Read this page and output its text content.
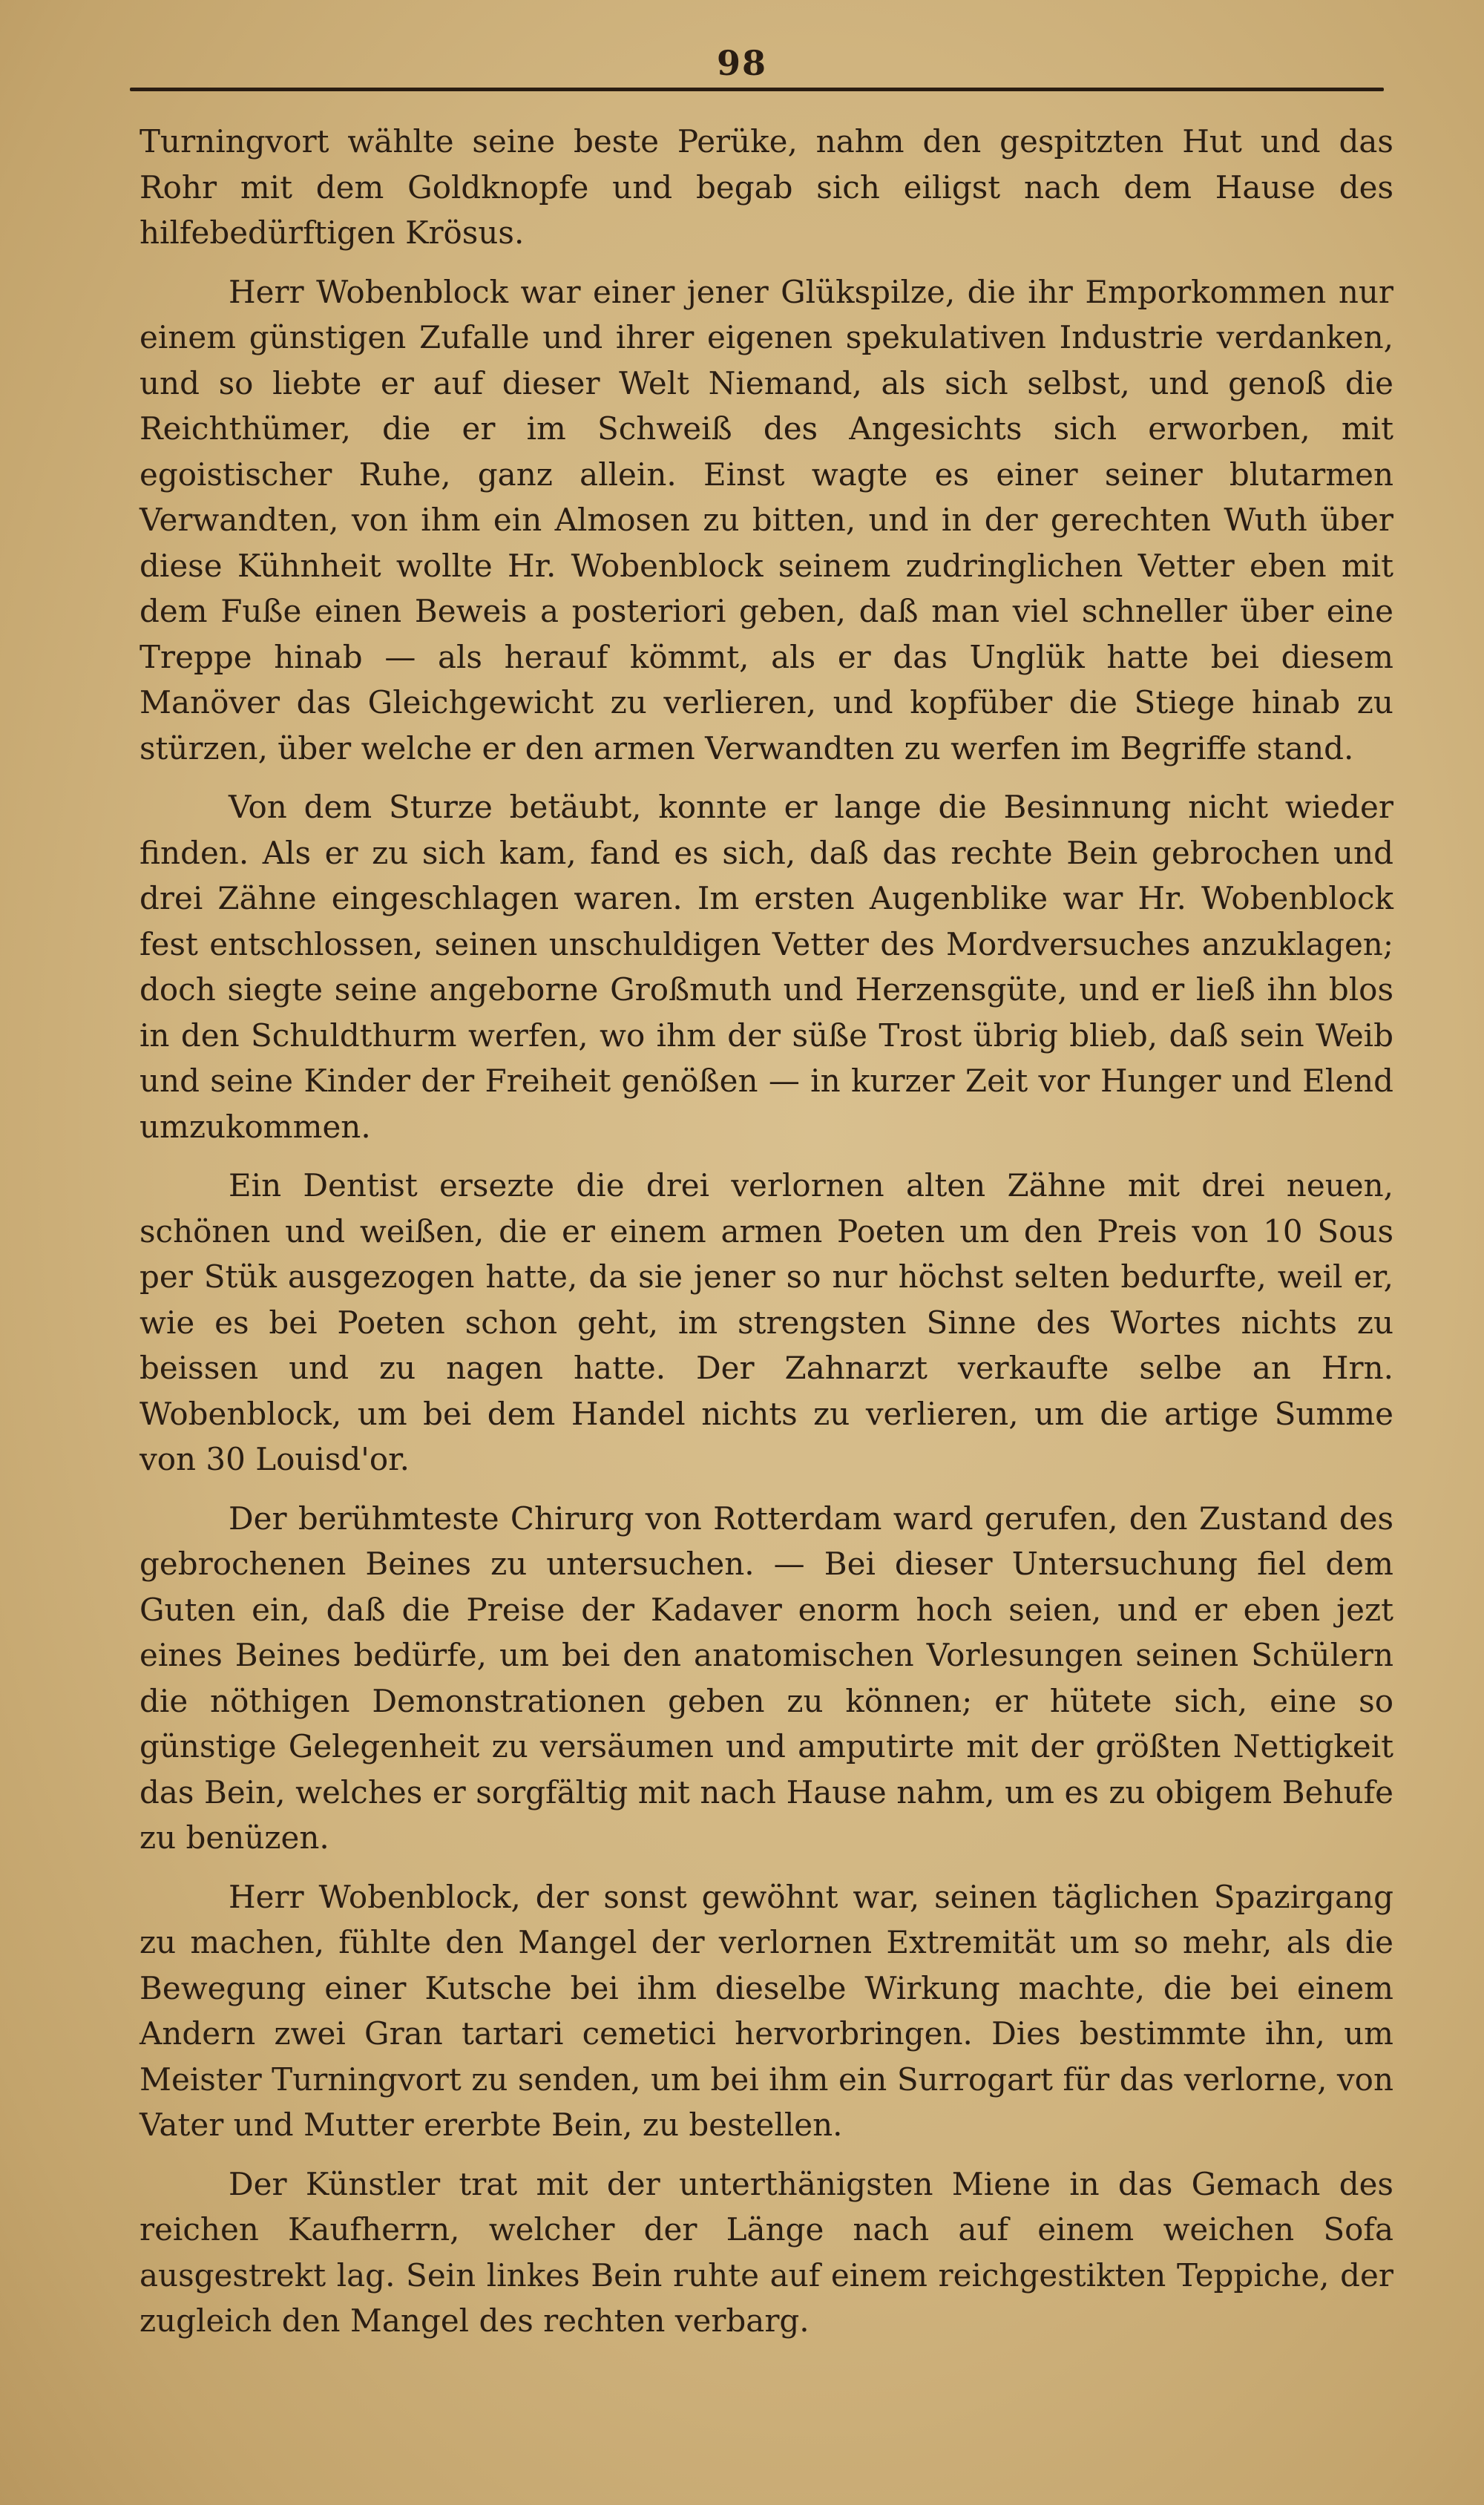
98

Turningvort wählte seine beste Perüke, nahm den gespitzten Hut und das Rohr mit dem Goldknopfe und begab sich eiligst nach dem Hause des hilfebedürftigen Krösus.

Herr Wobenblock war einer jener Glükspilze, die ihr Emporkommen nur einem günstigen Zufalle und ihrer eigenen spekulativen Industrie verdanken, und so liebte er auf dieser Welt Niemand, als sich selbst, und genoß die Reichthümer, die er im Schweiß des Angesichts sich erworben, mit egoistischer Ruhe, ganz allein. Einst wagte es einer seiner blutarmen Verwandten, von ihm ein Almosen zu bitten, und in der gerechten Wuth über diese Kühnheit wollte Hr. Wobenblock seinem zudringlichen Vetter eben mit dem Fuße einen Beweis a posteriori geben, daß man viel schneller über eine Treppe hinab — als herauf kömmt, als er das Unglük hatte bei diesem Manöver das Gleichgewicht zu verlieren, und kopfüber die Stiege hinab zu stürzen, über welche er den armen Verwandten zu werfen im Begriffe stand.

Von dem Sturze betäubt, konnte er lange die Besinnung nicht wieder finden. Als er zu sich kam, fand es sich, daß das rechte Bein gebrochen und drei Zähne eingeschlagen waren. Im ersten Augenblike war Hr. Wobenblock fest entschlossen, seinen unschuldigen Vetter des Mordversuches anzuklagen; doch siegte seine angeborne Großmuth und Herzensgüte, und er ließ ihn blos in den Schuldthurm werfen, wo ihm der süße Trost übrig blieb, daß sein Weib und seine Kinder der Freiheit genößen — in kurzer Zeit vor Hunger und Elend umzukommen.

Ein Dentist ersezte die drei verlornen alten Zähne mit drei neuen, schönen und weißen, die er einem armen Poeten um den Preis von 10 Sous per Stük ausgezogen hatte, da sie jener so nur höchst selten bedurfte, weil er, wie es bei Poeten schon geht, im strengsten Sinne des Wortes nichts zu beissen und zu nagen hatte. Der Zahnarzt verkaufte selbe an Hrn. Wobenblock, um bei dem Handel nichts zu verlieren, um die artige Summe von 30 Louisd'or.

Der berühmteste Chirurg von Rotterdam ward gerufen, den Zustand des gebrochenen Beines zu untersuchen. — Bei dieser Untersuchung fiel dem Guten ein, daß die Preise der Kadaver enorm hoch seien, und er eben jezt eines Beines bedürfe, um bei den anatomischen Vorlesungen seinen Schülern die nöthigen Demonstrationen geben zu können; er hütete sich, eine so günstige Gelegenheit zu versäumen und amputirte mit der größten Nettigkeit das Bein, welches er sorgfältig mit nach Hause nahm, um es zu obigem Behufe zu benüzen.

Herr Wobenblock, der sonst gewöhnt war, seinen täglichen Spazirgang zu machen, fühlte den Mangel der verlornen Extremität um so mehr, als die Bewegung einer Kutsche bei ihm dieselbe Wirkung machte, die bei einem Andern zwei Gran tartari cemetici hervorbringen. Dies bestimmte ihn, um Meister Turningvort zu senden, um bei ihm ein Surrogart für das verlorne, von Vater und Mutter ererbte Bein, zu bestellen.

Der Künstler trat mit der unterthänigsten Miene in das Gemach des reichen Kaufherrn, welcher der Länge nach auf einem weichen Sofa ausgestrekt lag. Sein linkes Bein ruhte auf einem reichgestikten Teppiche, der zugleich den Mangel des rechten verbarg.
